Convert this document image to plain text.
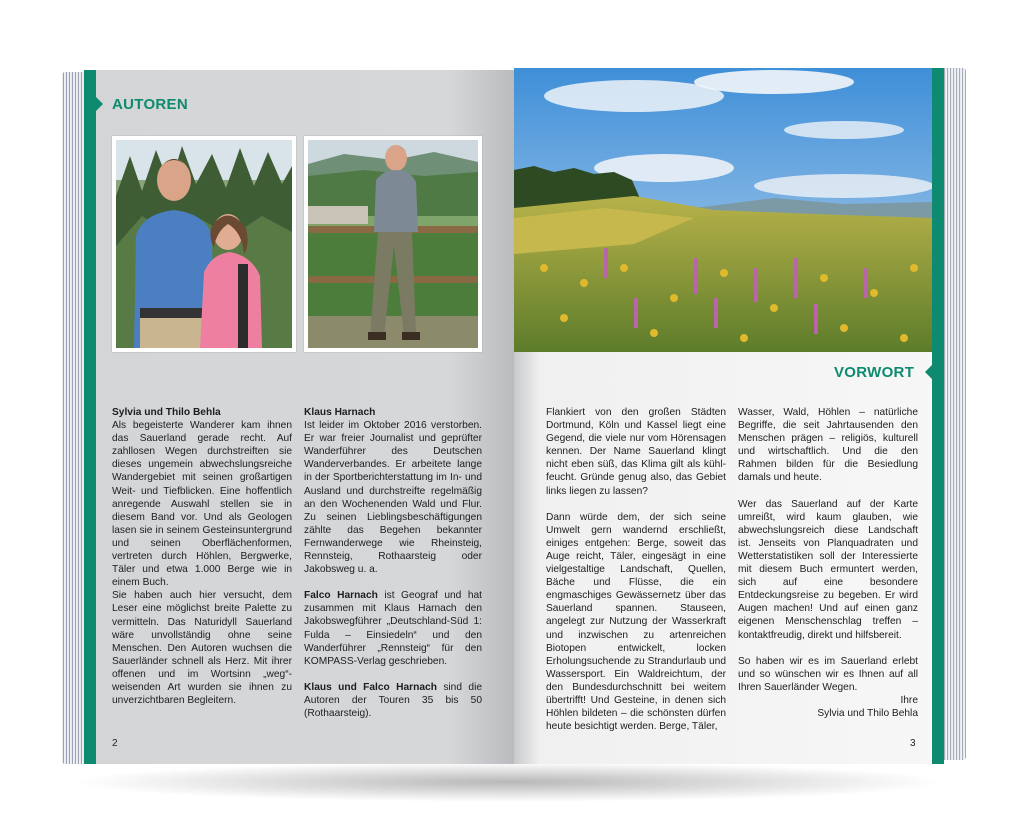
AUTOREN

Sylvia und Thilo Behla

Als begeisterte Wanderer kam ihnen das Sauerland gerade recht. Auf zahllosen Wegen durchstreiften sie dieses ungemein abwechslungsreiche Wandergebiet mit seinen großartigen Weit- und Tiefblicken. Eine hoffentlich anregende Auswahl stellen sie in diesem Band vor. Und als Geologen lasen sie in seinem Gesteinsuntergrund und seinen Oberflächenformen, vertreten durch Höhlen, Bergwerke, Täler und etwa 1.000 Berge wie in einem Buch.

Sie haben auch hier versucht, dem Leser eine möglichst breite Palette zu vermitteln. Das Naturidyll Sauerland wäre unvollständig ohne seine Menschen. Den Autoren wuchsen die Sauerländer schnell als Herz. Mit ihrer offenen und im Wortsinn „weg“-weisenden Art wurden sie ihnen zu unverzichtbaren Begleitern.

Klaus Harnach

Ist leider im Oktober 2016 verstorben. Er war freier Journalist und geprüfter Wanderführer des Deutschen Wanderverbandes. Er arbeitete lange in der Sportberichterstattung im In- und Ausland und durchstreifte regelmäßig an den Wochenenden Wald und Flur. Zu seinen Lieblingsbeschäftigungen zählte das Begehen bekannter Fernwanderwege wie Rheinsteig, Rennsteig, Rothaarsteig oder Jakobsweg u. a.

Falco Harnach ist Geograf und hat zusammen mit Klaus Harnach den Jakobswegführer „Deutschland-Süd 1: Fulda – Einsiedeln“ und den Wanderführer „Rennsteig“ für den KOMPASS-Verlag geschrieben.

Klaus und Falco Harnach sind die Autoren der Touren 35 bis 50 (Rothaarsteig).

2
VORWORT

Flankiert von den großen Städten Dortmund, Köln und Kassel liegt eine Gegend, die viele nur vom Hörensagen kennen. Der Name Sauerland klingt nicht eben süß, das Klima gilt als kühl-feucht. Gründe genug also, das Gebiet links liegen zu lassen?

Dann würde dem, der sich seine Umwelt gern wandernd erschließt, einiges entgehen: Berge, soweit das Auge reicht, Täler, eingesägt in eine vielgestaltige Landschaft, Quellen, Bäche und Flüsse, die ein engmaschiges Gewässernetz über das Sauerland spannen. Stauseen, angelegt zur Nutzung der Wasserkraft und inzwischen zu artenreichen Biotopen entwickelt, locken Erholungsuchende zu Strandurlaub und Wassersport. Ein Waldreichtum, der den Bundesdurchschnitt bei weitem übertrifft! Und Gesteine, in denen sich Höhlen bildeten – die schönsten dürfen heute besichtigt werden. Berge, Täler,

Wasser, Wald, Höhlen – natürliche Begriffe, die seit Jahrtausenden den Menschen prägen – religiös, kulturell und wirtschaftlich. Und die den Rahmen bilden für die Besiedlung damals und heute.

Wer das Sauerland auf der Karte umreißt, wird kaum glauben, wie abwechslungsreich diese Landschaft ist. Jenseits von Planquadraten und Wetterstatistiken soll der Interessierte mit diesem Buch ermuntert werden, sich auf eine besondere Entdeckungsreise zu begeben. Er wird Augen machen! Und auf einen ganz eigenen Menschenschlag treffen – kontaktfreudig, direkt und hilfsbereit.

So haben wir es im Sauerland erlebt und so wünschen wir es Ihnen auf all Ihren Sauerländer Wegen.

Ihre

Sylvia und Thilo Behla

3
